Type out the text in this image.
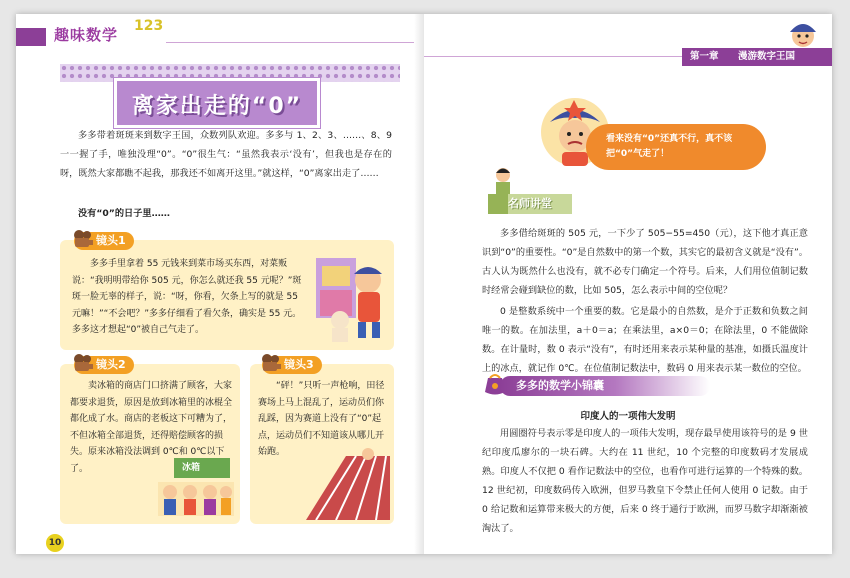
趣味数学 123
离家出走的“0”
多多带着斑斑来到数字王国，众数列队欢迎。多多与 1、2、3、……、8、9 一一握了手，唯独没理“0”。“0”很生气：“虽然我表示‘没有’，但我也是存在的呀，既然大家都瞧不起我，那我还不如离开这里。”就这样，“0”离家出走了……
没有“0”的日子里……
镜头1
多多手里拿着 55 元钱来到菜市场买东西，对菜贩说：“我明明带给你 505 元，你怎么就还我 55 元呢？”斑斑一脸无辜的样子，说：“呀，你看，欠条上写的就是 55 元嘛！”“不会吧？”多多仔细看了看欠条，确实是 55 元。多多这才想起“0”被自己气走了。
镜头2
卖冰箱的商店门口挤满了顾客，大家都要求退货，原因是放到冰箱里的冰棍全都化成了水。商店的老板这下可糟为了，不但冰箱全部退货，还得赔偿顾客的损失。原来冰箱没法调到 0℃和 0℃以下了。	冰箱
镜头3
“砰！”只听一声枪响，田径赛场上马上混乱了，运动员们你乱踩，因为赛道上没有了“0”起点，运动员们不知道该从哪儿开始跑。
10
第一章 漫游数字王国
看来没有“0”还真不行，真不该把“0”气走了！
名师讲堂
多多借给斑斑的 505 元，一下少了 505−55=450（元），这下他才真正意识到“0”的重要性。“0”是自然数中的第一个数，其实它的最初含义就是“没有”。古人认为既然什么也没有，就不必专门确定一个符号。后来，人们用位值制记数时经常会碰到缺位的数，比如 505，怎么表示中间的空位呢？
0 是整数系统中一个重要的数。它是最小的自然数，是介于正数和负数之间唯一的数。在加法里，a＋0＝a；在乘法里，a×0＝0；在除法里，0 不能做除数。在计量时，数 0 表示“没有”，有时还用来表示某种量的基准，如摄氏温度计上的冰点，就记作 0℃。在位值制记数法中，数码 0 用来表示某一数位的空位。
多多的数学小锦囊
印度人的一项伟大发明
用圆圈符号表示零是印度人的一项伟大发明，现存最早使用该符号的是 9 世纪印度瓜廖尔的一块石碑。大约在 11 世纪，10 个完整的印度数码才发展成熟。印度人不仅把 0 看作记数法中的空位，也看作可进行运算的一个特殊的数。12 世纪初，印度数码传入欧洲，但罗马教皇下令禁止任何人使用 0 记数。由于 0 给记数和运算带来极大的方便，后来 0 终于通行于欧洲，而罗马数字却渐渐被淘汰了。
